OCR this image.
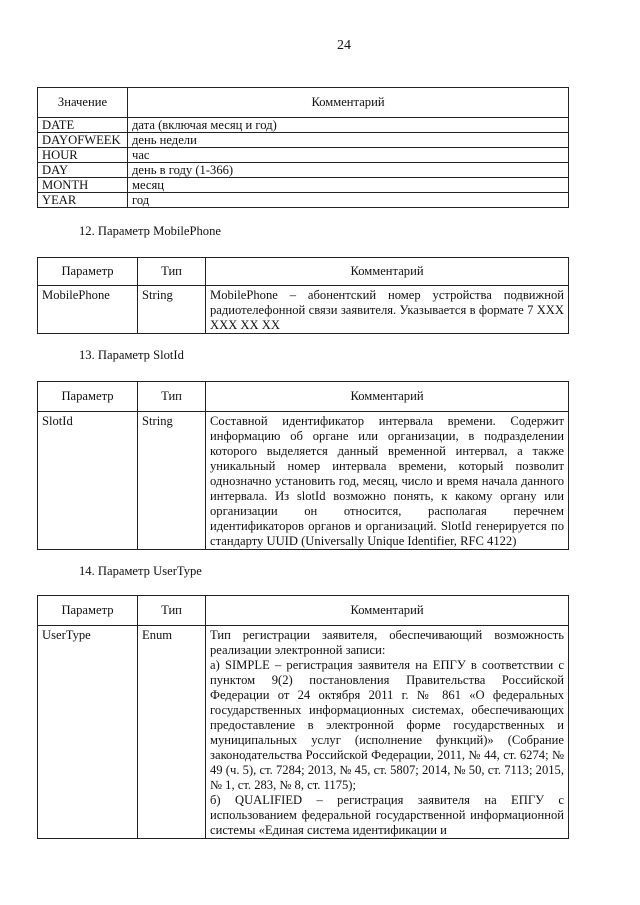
24
Значение	Комментарий
DATE	дата (включая месяц и год)
DAYOFWEEK	день недели
HOUR	час
DAY	день в году (1-366)
MONTH	месяц
YEAR	год
12. Параметр MobilePhone
Параметр	Тип	Комментарий
MobilePhone	String	MobilePhone – абонентский номер устройства подвижной радиотелефонной связи заявителя. Указывается в формате 7 XXX XXX XX XX
13. Параметр SlotId
Параметр	Тип	Комментарий
SlotId	String	Составной идентификатор интервала времени. Содержит информацию об органе или организации, в подразделении которого выделяется данный временной интервал, а также уникальный номер интервала времени, который позволит однозначно установить год, месяц, число и время начала данного интервала. Из slotId возможно понять, к какому органу или организации он относится, располагая перечнем идентификаторов органов и организаций. SlotId генерируется по стандарту UUID (Universally Unique Identifier, RFC 4122)
14. Параметр UserType
Параметр	Тип	Комментарий
UserType	Enum	Тип регистрации заявителя, обеспечивающий возможность реализации электронной записи:
а) SIMPLE – регистрация заявителя на ЕПГУ в соответствии с пунктом 9(2) постановления Правительства Российской Федерации от 24 октября 2011 г. № 861 «О федеральных государственных информационных системах, обеспечивающих предоставление в электронной форме государственных и муниципальных услуг (исполнение функций)» (Собрание законодательства Российской Федерации, 2011, № 44, ст. 6274; № 49 (ч. 5), ст. 7284; 2013, № 45, ст. 5807; 2014, № 50, ст. 7113; 2015, № 1, ст. 283, № 8, ст. 1175);
б) QUALIFIED – регистрация заявителя на ЕПГУ с использованием федеральной государственной информационной системы «Единая система идентификации и
